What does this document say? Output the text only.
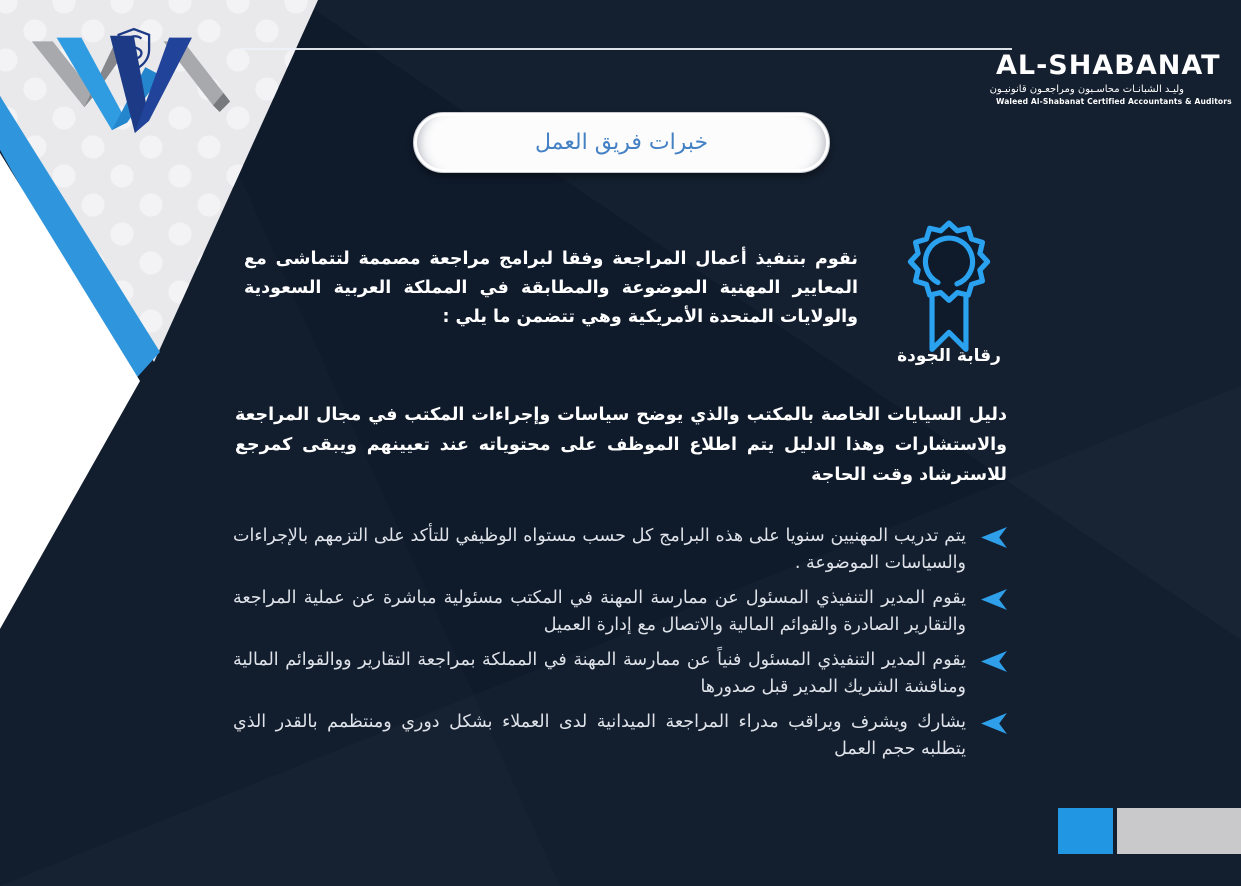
AL-SHABANAT
وليـد الشبانـات محاسـبون ومراجعـون قانونيـون
Waleed Al-Shabanat Certified Accountants & Auditors
خبرات فريق العمل
رقابة الجودة
نقوم بتنفيذ أعمال المراجعة وفقا لبرامج مراجعة مصممة لتتماشى مع المعايير المهنية الموضوعة والمطابقة في المملكة العربية السعودية والولايات المتحدة الأمريكية وهي تتضمن ما يلي :
دليل السيايات الخاصة بالمكتب والذي يوضح سياسات وإجراءات المكتب في مجال المراجعة والاستشارات وهذا الدليل يتم اطلاع الموظف على محتوياته عند تعيينهم ويبقى كمرجع للاسترشاد وقت الحاجة
يتم تدريب المهنيين سنويا على هذه البرامج كل حسب مستواه الوظيفي للتأكد على التزمهم بالإجراءات والسياسات الموضوعة .
يقوم المدير التنفيذي المسئول عن ممارسة المهنة في المكتب مسئولية مباشرة عن عملية المراجعة والتقارير الصادرة والقوائم المالية والاتصال مع إدارة العميل
يقوم المدير التنفيذي المسئول فنياً عن ممارسة المهنة في المملكة بمراجعة التقارير ووالقوائم المالية ومناقشة الشريك المدير قبل صدورها
يشارك ويشرف ويراقب مدراء المراجعة الميدانية لدى العملاء بشكل دوري ومنتظمم بالقدر الذي يتطلبه حجم العمل
